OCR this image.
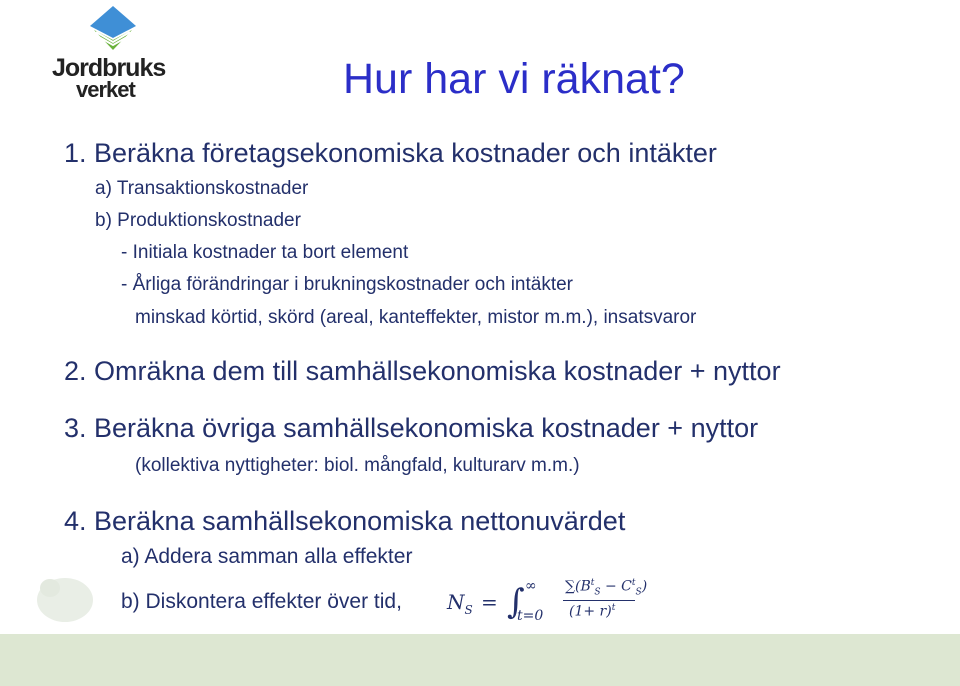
Jordbruks
verket	Hur har vi räknat?
1. Beräkna företagsekonomiska kostnader och intäkter
a) Transaktionskostnader
b) Produktionskostnader
- Initiala kostnader ta bort element
- Årliga förändringar i brukningskostnader och intäkter
minskad körtid, skörd (areal, kanteffekter, mistor m.m.), insatsvaror
2. Omräkna dem till samhällsekonomiska kostnader + nyttor
3. Beräkna övriga samhällsekonomiska kostnader + nyttor
(kollektiva nyttigheter: biol. mångfald, kulturarv m.m.)
4. Beräkna samhällsekonomiska nettonuvärdet
a) Addera samman alla effekter
b) Diskontera effekter över tid, $N_S$ = ∫ ∞
t=0
$\sum(B^t_S - C^t_S)$
$(1+ r)^t$
